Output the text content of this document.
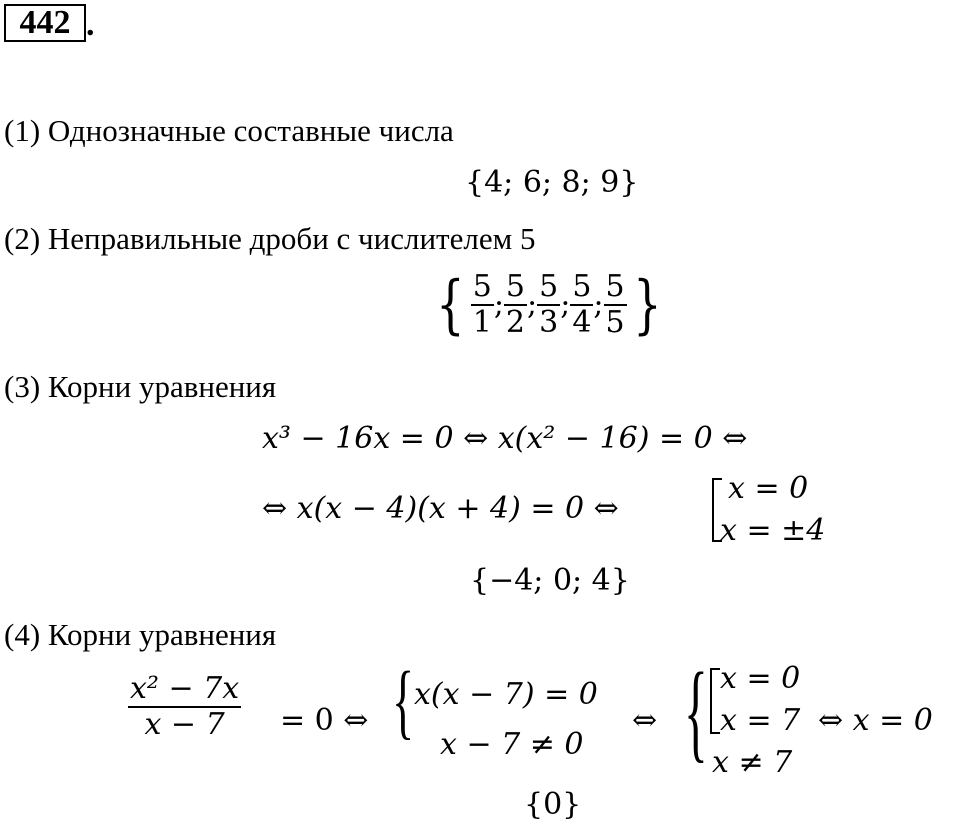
442 .
(1) Однозначные составные числа
{4; 6; 8; 9}
(2) Неправильные дроби с числителем 5
{ $\frac{5}{1}$ ; $\frac{5}{2}$ ; $\frac{5}{3}$ ; $\frac{5}{4}$ ; $\frac{5}{5}$ }
(3) Корни уравнения
x³ − 16x = 0 ⇔ x(x² − 16) = 0 ⇔
⇔ x(x − 4)(x + 4) = 0 ⇔
x = 0
x = ±4
{−4; 0; 4}
(4) Корни уравнения
$\frac{\text{x² − 7x}}{x - 7} = 0$ ⇔ { x(x − 7) = 0
x − 7 ≠ 0
⇔ { x = 0
x = 7
x ≠ 7
⇔ x = 0
{0}
